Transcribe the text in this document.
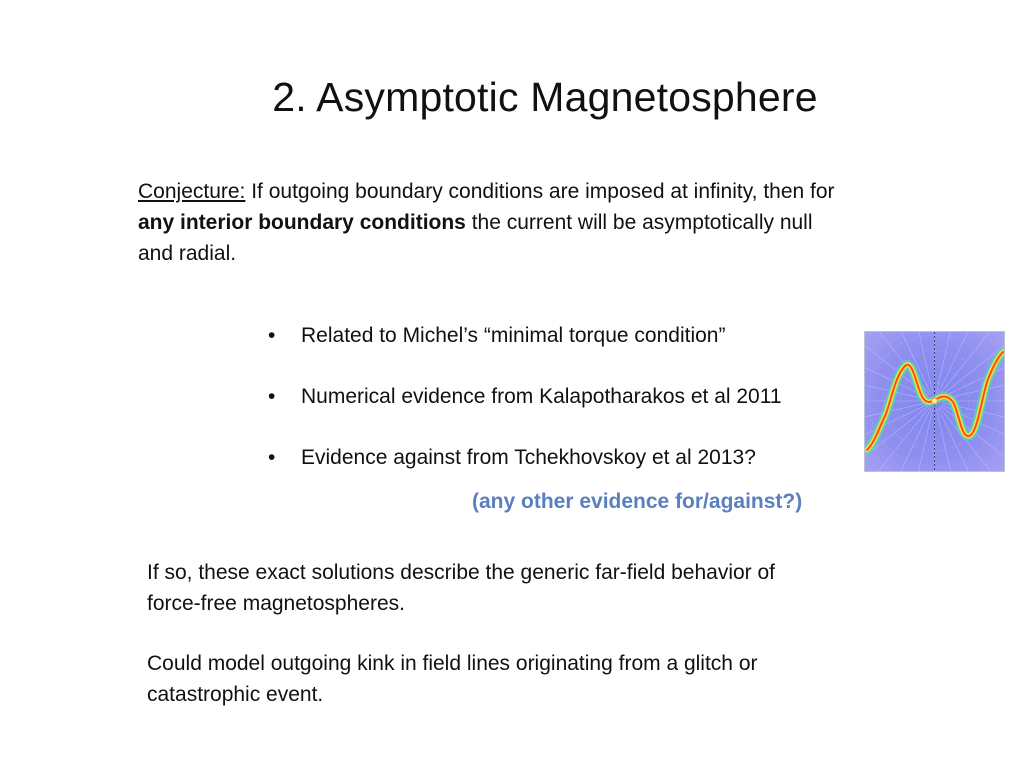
2. Asymptotic Magnetosphere
Conjecture: If outgoing boundary conditions are imposed at infinity, then for any interior boundary conditions the current will be asymptotically null and radial.
•	Related to Michel’s “minimal torque condition”
•	Numerical evidence from Kalapotharakos et al 2011
•	Evidence against from Tchekhovskoy et al 2013?
(any other evidence for/against?)
If so, these exact solutions describe the generic far-field behavior of force-free magnetospheres.
Could model outgoing kink in field lines originating from a glitch or catastrophic event.
